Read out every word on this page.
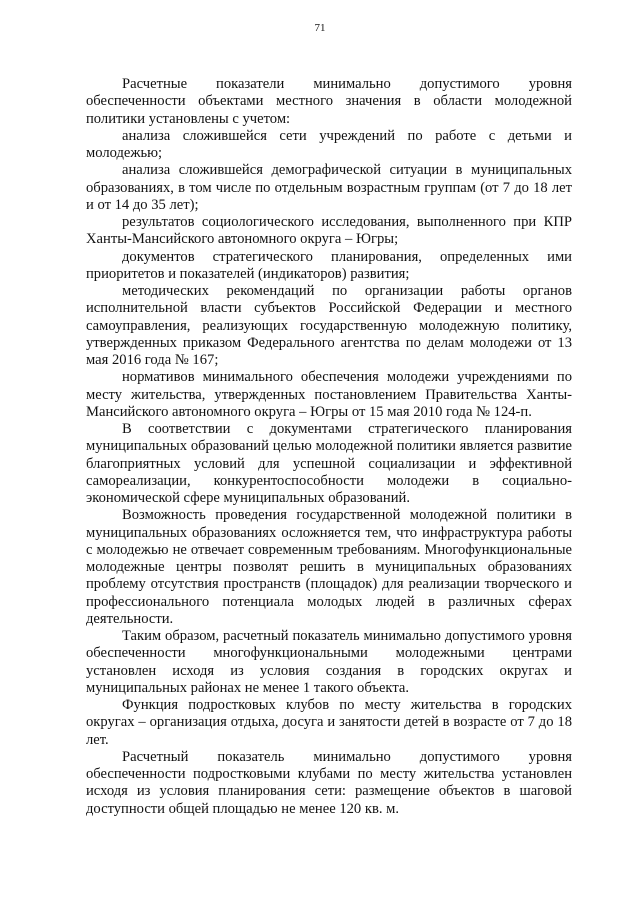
71

Расчетные показатели минимально допустимого уровня обеспеченности объектами местного значения в области молодежной политики установлены с учетом:

анализа сложившейся сети учреждений по работе с детьми и молодежью;

анализа сложившейся демографической ситуации в муниципальных образованиях, в том числе по отдельным возрастным группам (от 7 до 18 лет и от 14 до 35 лет);

результатов социологического исследования, выполненного при КПР Ханты-Мансийского автономного округа – Югры;

документов стратегического планирования, определенных ими приоритетов и показателей (индикаторов) развития;

методических рекомендаций по организации работы органов исполнительной власти субъектов Российской Федерации и местного самоуправления, реализующих государственную молодежную политику, утвержденных приказом Федерального агентства по делам молодежи от 13 мая 2016 года № 167;

нормативов минимального обеспечения молодежи учреждениями по месту жительства, утвержденных постановлением Правительства Ханты-Мансийского автономного округа – Югры от 15 мая 2010 года № 124-п.

В соответствии с документами стратегического планирования муниципальных образований целью молодежной политики является развитие благоприятных условий для успешной социализации и эффективной самореализации, конкурентоспособности молодежи в социально-экономической сфере муниципальных образований.

Возможность проведения государственной молодежной политики в муниципальных образованиях осложняется тем, что инфраструктура работы с молодежью не отвечает современным требованиям. Многофункциональные молодежные центры позволят решить в муниципальных образованиях проблему отсутствия пространств (площадок) для реализации творческого и профессионального потенциала молодых людей в различных сферах деятельности.

Таким образом, расчетный показатель минимально допустимого уровня обеспеченности многофункциональными молодежными центрами установлен исходя из условия создания в городских округах и муниципальных районах не менее 1 такого объекта.

Функция подростковых клубов по месту жительства в городских округах – организация отдыха, досуга и занятости детей в возрасте от 7 до 18 лет.

Расчетный показатель минимально допустимого уровня обеспеченности подростковыми клубами по месту жительства установлен исходя из условия планирования сети: размещение объектов в шаговой доступности общей площадью не менее 120 кв. м.
